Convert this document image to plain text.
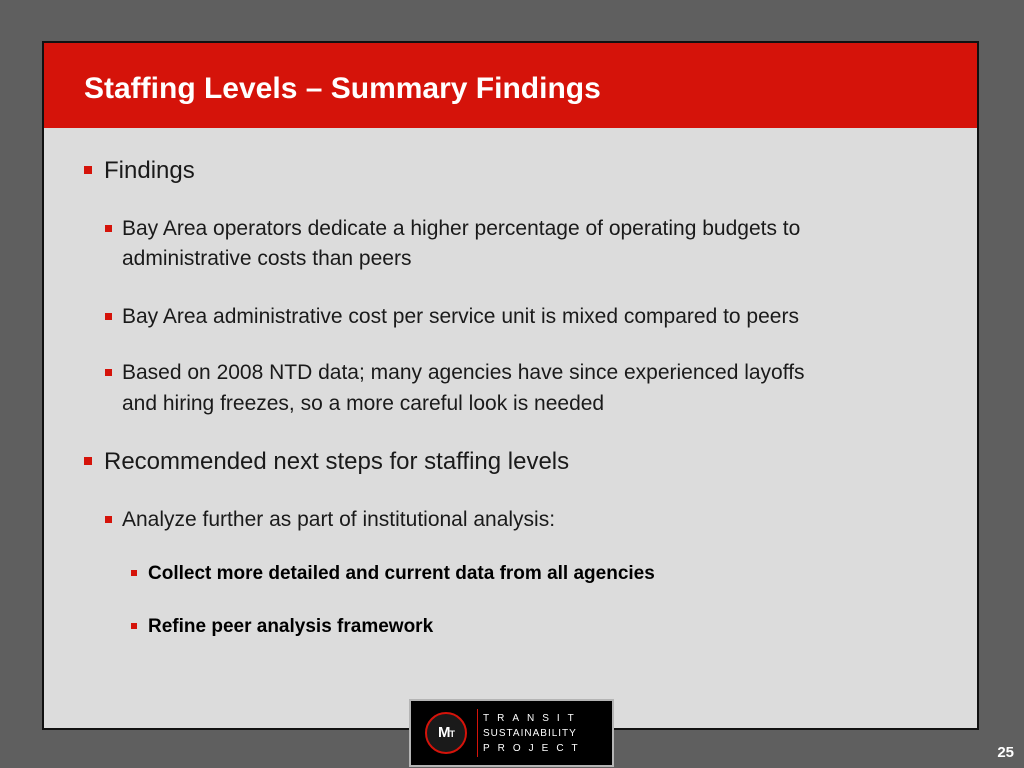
Staffing Levels – Summary Findings
Findings
Bay Area operators dedicate a higher percentage of operating budgets to
administrative costs than peers
Bay Area administrative cost per service unit is mixed compared to peers
Based on 2008 NTD data; many agencies have since experienced layoffs
and hiring freezes, so a more careful look is needed
Recommended next steps for staffing levels
Analyze further as part of institutional analysis:
Collect more detailed and current data from all agencies
Refine peer analysis framework
MT
TRANSIT
SUSTAINABILITY
PROJECT	25
